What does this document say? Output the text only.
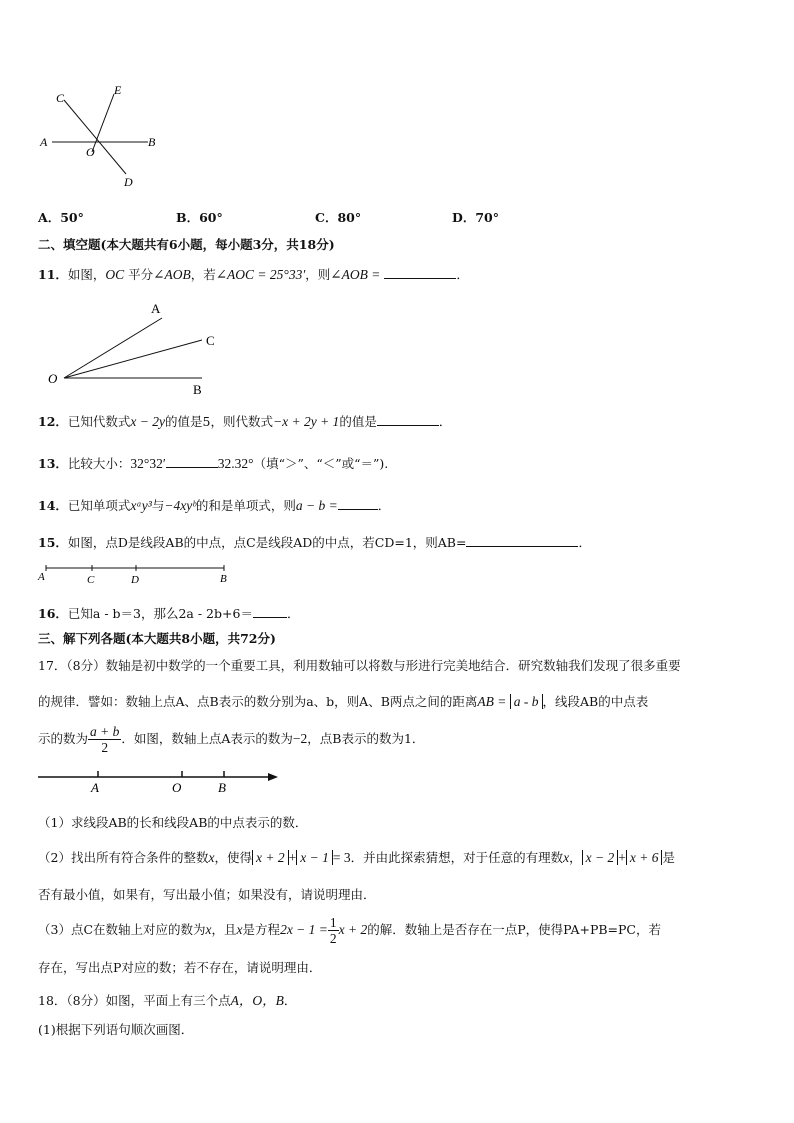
C
E
A
O
B
D
A．50°	B．60°	C．80°	D．70°
二、填空题(本大题共有6小题，每小题3分，共18分)
11．如图，OC 平分∠AOB，若∠AOC = 25°33′，则∠AOB =	．
A
C
O
B
12．已知代数式x − 2y的值是5，则代数式−x + 2y + 1的值是	．
13．比较大小：32°32′	32.32°（填“＞”、“＜”或“＝”).
14．已知单项式xᵃy³与−4xyᵇ的和是单项式，则a − b =	．
15．如图，点D是线段AB的中点，点C是线段AD的中点，若CD=1，则AB=	．
A	C	D	B
16．已知a - b＝3，那么2a - 2b+6＝	．
三、解下列各题(本大题共8小题，共72分)
17．（8分）数轴是初中数学的一个重要工具，利用数轴可以将数与形进行完美地结合．研究数轴我们发现了很多重要
的规律．譬如：数轴上点A、点B表示的数分别为a、b，则A、B两点之间的距离AB = a - b ，线段AB的中点表
示的数为 $\frac{a + b}{2}$ ．如图，数轴上点A表示的数为−2，点B表示的数为1．
A	O	B
（1）求线段AB的长和线段AB的中点表示的数．
（2）找出所有符合条件的整数x，使得 x + 2 + x − 1 = 3．并由此探索猜想，对于任意的有理数x， x − 2 + x + 6 是
否有最小值，如果有，写出最小值；如果没有，请说明理由．
（3）点C在数轴上对应的数为x，且x是方程$2x - 1 = \frac{1}{2}$ x + 2的解．数轴上是否存在一点P，使得PA+PB=PC，若
存在，写出点P对应的数；若不存在，请说明理由．
18．（8分）如图，平面上有三个点A，O，B．
(1)根据下列语句顺次画图．
